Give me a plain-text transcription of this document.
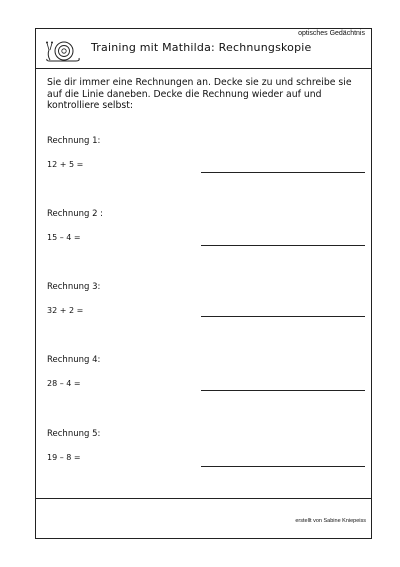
optisches Gedächtnis
Training mit Mathilda: Rechnungskopie
Sie dir immer eine Rechnungen an. Decke sie zu und schreibe sie auf die Linie daneben. Decke die Rechnung wieder auf und kontrolliere selbst:
Rechnung 1:
12 + 5 =
Rechnung 2 :
15 – 4 =
Rechnung 3:
32 + 2 =
Rechnung 4:
28 – 4 =
Rechnung 5:
19 – 8 =
erstellt von Sabine Kniepeiss
